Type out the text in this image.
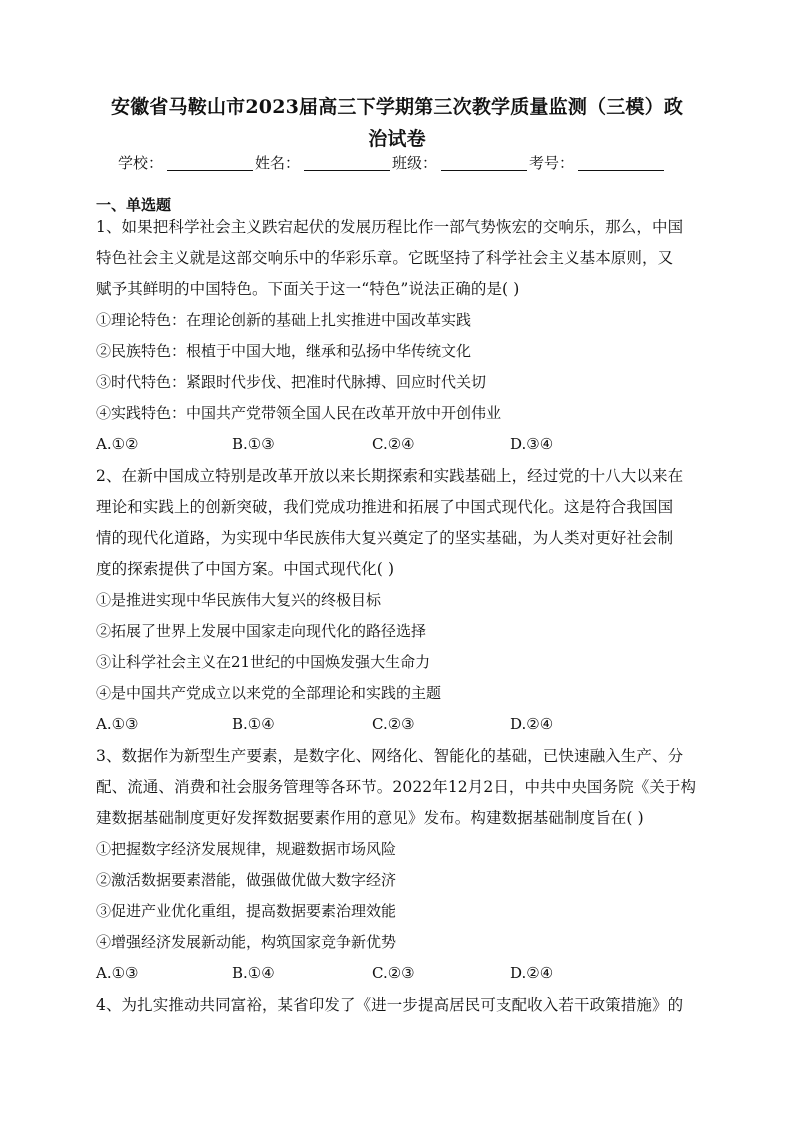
安徽省马鞍山市2023届高三下学期第三次教学质量监测（三模）政
治试卷
学校：	姓名：	班级：	考号：
一、单选题
1、如果把科学社会主义跌宕起伏的发展历程比作一部气势恢宏的交响乐，那么，中国
特色社会主义就是这部交响乐中的华彩乐章。它既坚持了科学社会主义基本原则，又
赋予其鲜明的中国特色。下面关于这一“特色”说法正确的是( )
①理论特色：在理论创新的基础上扎实推进中国改革实践
②民族特色：根植于中国大地，继承和弘扬中华传统文化
③时代特色：紧跟时代步伐、把准时代脉搏、回应时代关切
④实践特色：中国共产党带领全国人民在改革开放中开创伟业
A.①②	B.①③	C.②④	D.③④
2、在新中国成立特别是改革开放以来长期探索和实践基础上，经过党的十八大以来在
理论和实践上的创新突破，我们党成功推进和拓展了中国式现代化。这是符合我国国
情的现代化道路，为实现中华民族伟大复兴奠定了的坚实基础，为人类对更好社会制
度的探索提供了中国方案。中国式现代化( )
①是推进实现中华民族伟大复兴的终极目标
②拓展了世界上发展中国家走向现代化的路径选择
③让科学社会主义在21世纪的中国焕发强大生命力
④是中国共产党成立以来党的全部理论和实践的主题
A.①③	B.①④	C.②③	D.②④
3、数据作为新型生产要素，是数字化、网络化、智能化的基础，已快速融入生产、分
配、流通、消费和社会服务管理等各环节。2022年12月2日，中共中央国务院《关于构
建数据基础制度更好发挥数据要素作用的意见》发布。构建数据基础制度旨在( )
①把握数字经济发展规律，规避数据市场风险
②激活数据要素潜能，做强做优做大数字经济
③促进产业优化重组，提高数据要素治理效能
④增强经济发展新动能，构筑国家竞争新优势
A.①③	B.①④	C.②③	D.②④
4、为扎实推动共同富裕，某省印发了《进一步提高居民可支配收入若干政策措施》的
